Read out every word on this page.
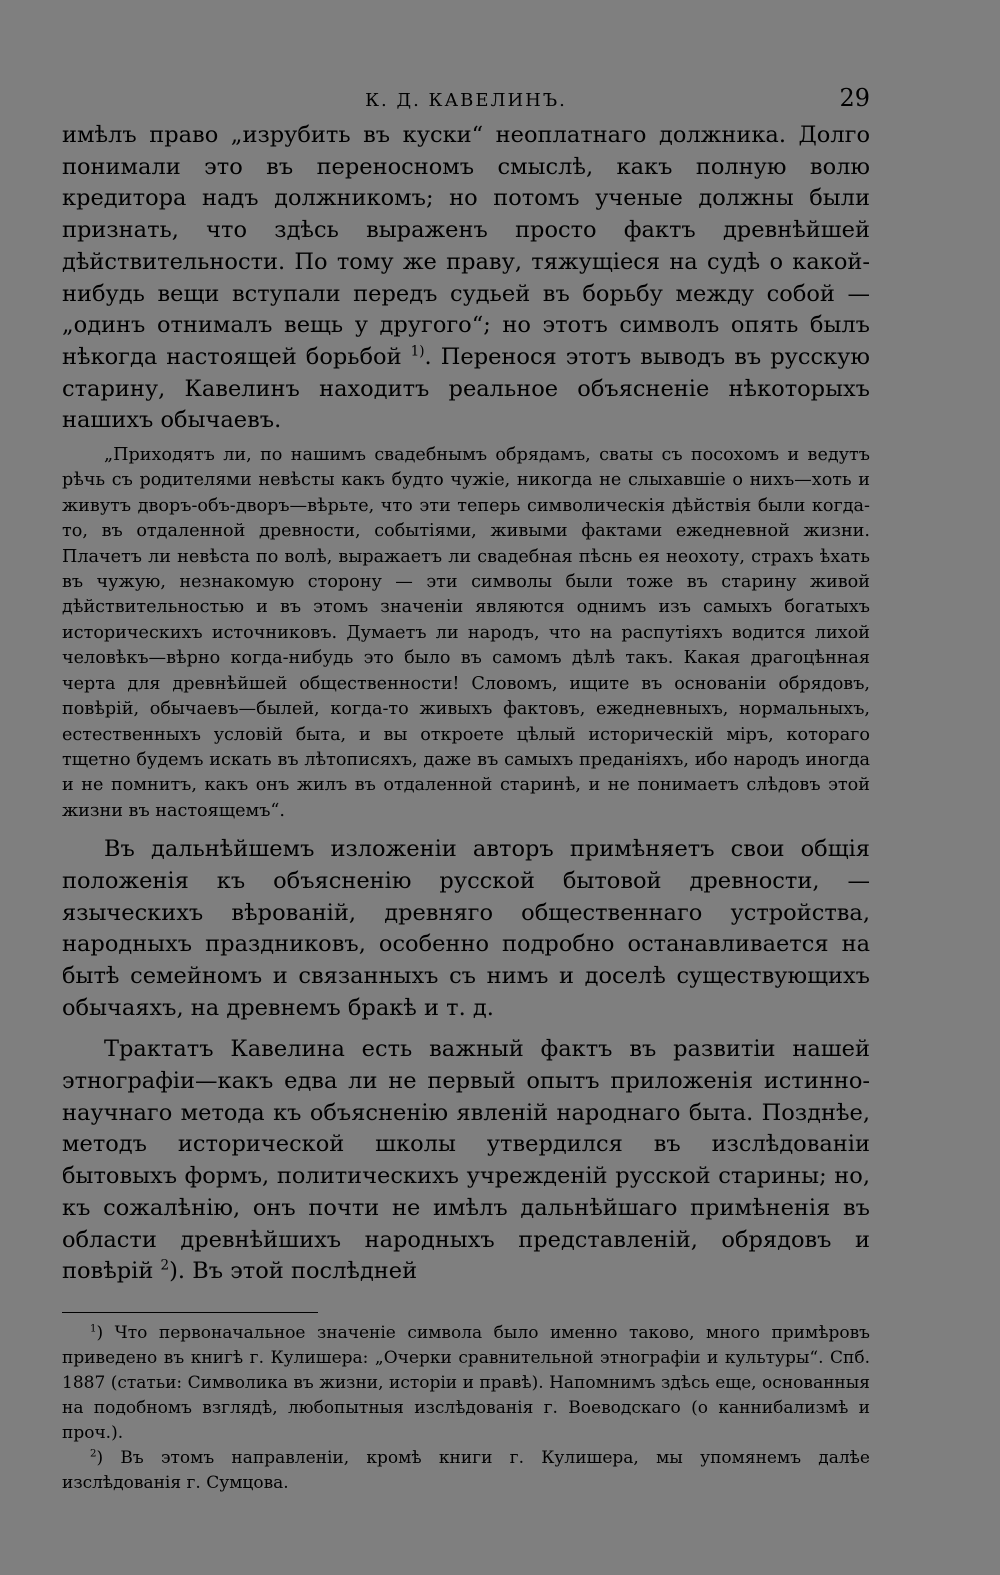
К. Д. КАВЕЛИНЪ.	29

имѣлъ право „изрубить въ куски“ неоплатнаго должника. Долго понимали это въ переносномъ смыслѣ, какъ полную волю кредитора надъ должникомъ; но потомъ ученые должны были признать, что здѣсь выраженъ просто фактъ древнѣйшей дѣйствительности. По тому же праву, тяжущіеся на судѣ о какой-нибудь вещи вступали передъ судьей въ борьбу между собой — „одинъ отнималъ вещь у другого“; но этотъ символъ опять былъ нѣкогда настоящей борьбой $^{1)}$. Перенося этотъ выводъ въ русскую старину, Кавелинъ находитъ реальное объясненіе нѣкоторыхъ нашихъ обычаевъ.

„Приходятъ ли, по нашимъ свадебнымъ обрядамъ, сваты съ посохомъ и ведутъ рѣчь съ родителями невѣсты какъ будто чужіе, никогда не слыхавшіе о нихъ—хоть и живутъ дворъ-объ-дворъ—вѣрьте, что эти теперь символическія дѣйствія были когда-то, въ отдаленной древности, событіями, живыми фактами ежедневной жизни. Плачетъ ли невѣста по волѣ, выражаетъ ли свадебная пѣснь ея неохоту, страхъ ѣхать въ чужую, незнакомую сторону — эти символы были тоже въ старину живой дѣйствительностью и въ этомъ значеніи являются однимъ изъ самыхъ богатыхъ историческихъ источниковъ. Думаетъ ли народъ, что на распутіяхъ водится лихой человѣкъ—вѣрно когда-нибудь это было въ самомъ дѣлѣ такъ. Какая драгоцѣнная черта для древнѣйшей общественности! Словомъ, ищите въ основаніи обрядовъ, повѣрій, обычаевъ—былей, когда-то живыхъ фактовъ, ежедневныхъ, нормальныхъ, естественныхъ условій быта, и вы откроете цѣлый историческій міръ, котораго тщетно будемъ искать въ лѣтописяхъ, даже въ самыхъ преданіяхъ, ибо народъ иногда и не помнитъ, какъ онъ жилъ въ отдаленной старинѣ, и не понимаетъ слѣдовъ этой жизни въ настоящемъ“.

Въ дальнѣйшемъ изложеніи авторъ примѣняетъ свои общія положенія къ объясненію русской бытовой древности, — языческихъ вѣрованій, древняго общественнаго устройства, народныхъ праздниковъ, особенно подробно останавливается на бытѣ семейномъ и связанныхъ съ нимъ и доселѣ существующихъ обычаяхъ, на древнемъ бракѣ и т. д.

Трактатъ Кавелина есть важный фактъ въ развитіи нашей этнографіи—какъ едва ли не первый опытъ приложенія истинно-научнаго метода къ объясненію явленій народнаго быта. Позднѣе, методъ исторической школы утвердился въ изслѣдованіи бытовыхъ формъ, политическихъ учрежденій русской старины; но, къ сожалѣнію, онъ почти не имѣлъ дальнѣйшаго примѣненія въ области древнѣйшихъ народныхъ представленій, обрядовъ и повѣрій $^2$). Въ этой послѣдней

$^1$) Что первоначальное значеніе символа было именно таково, много примѣровъ приведено въ книгѣ г. Кулишера: „Очерки сравнительной этнографіи и культуры“. Спб. 1887 (статьи: Символика въ жизни, исторіи и правѣ). Напомнимъ здѣсь еще, основанныя на подобномъ взглядѣ, любопытныя изслѣдованія г. Воеводскаго (о каннибализмѣ и проч.).

$^2$) Въ этомъ направленіи, кромѣ книги г. Кулишера, мы упомянемъ далѣе изслѣдованія г. Сумцова.
